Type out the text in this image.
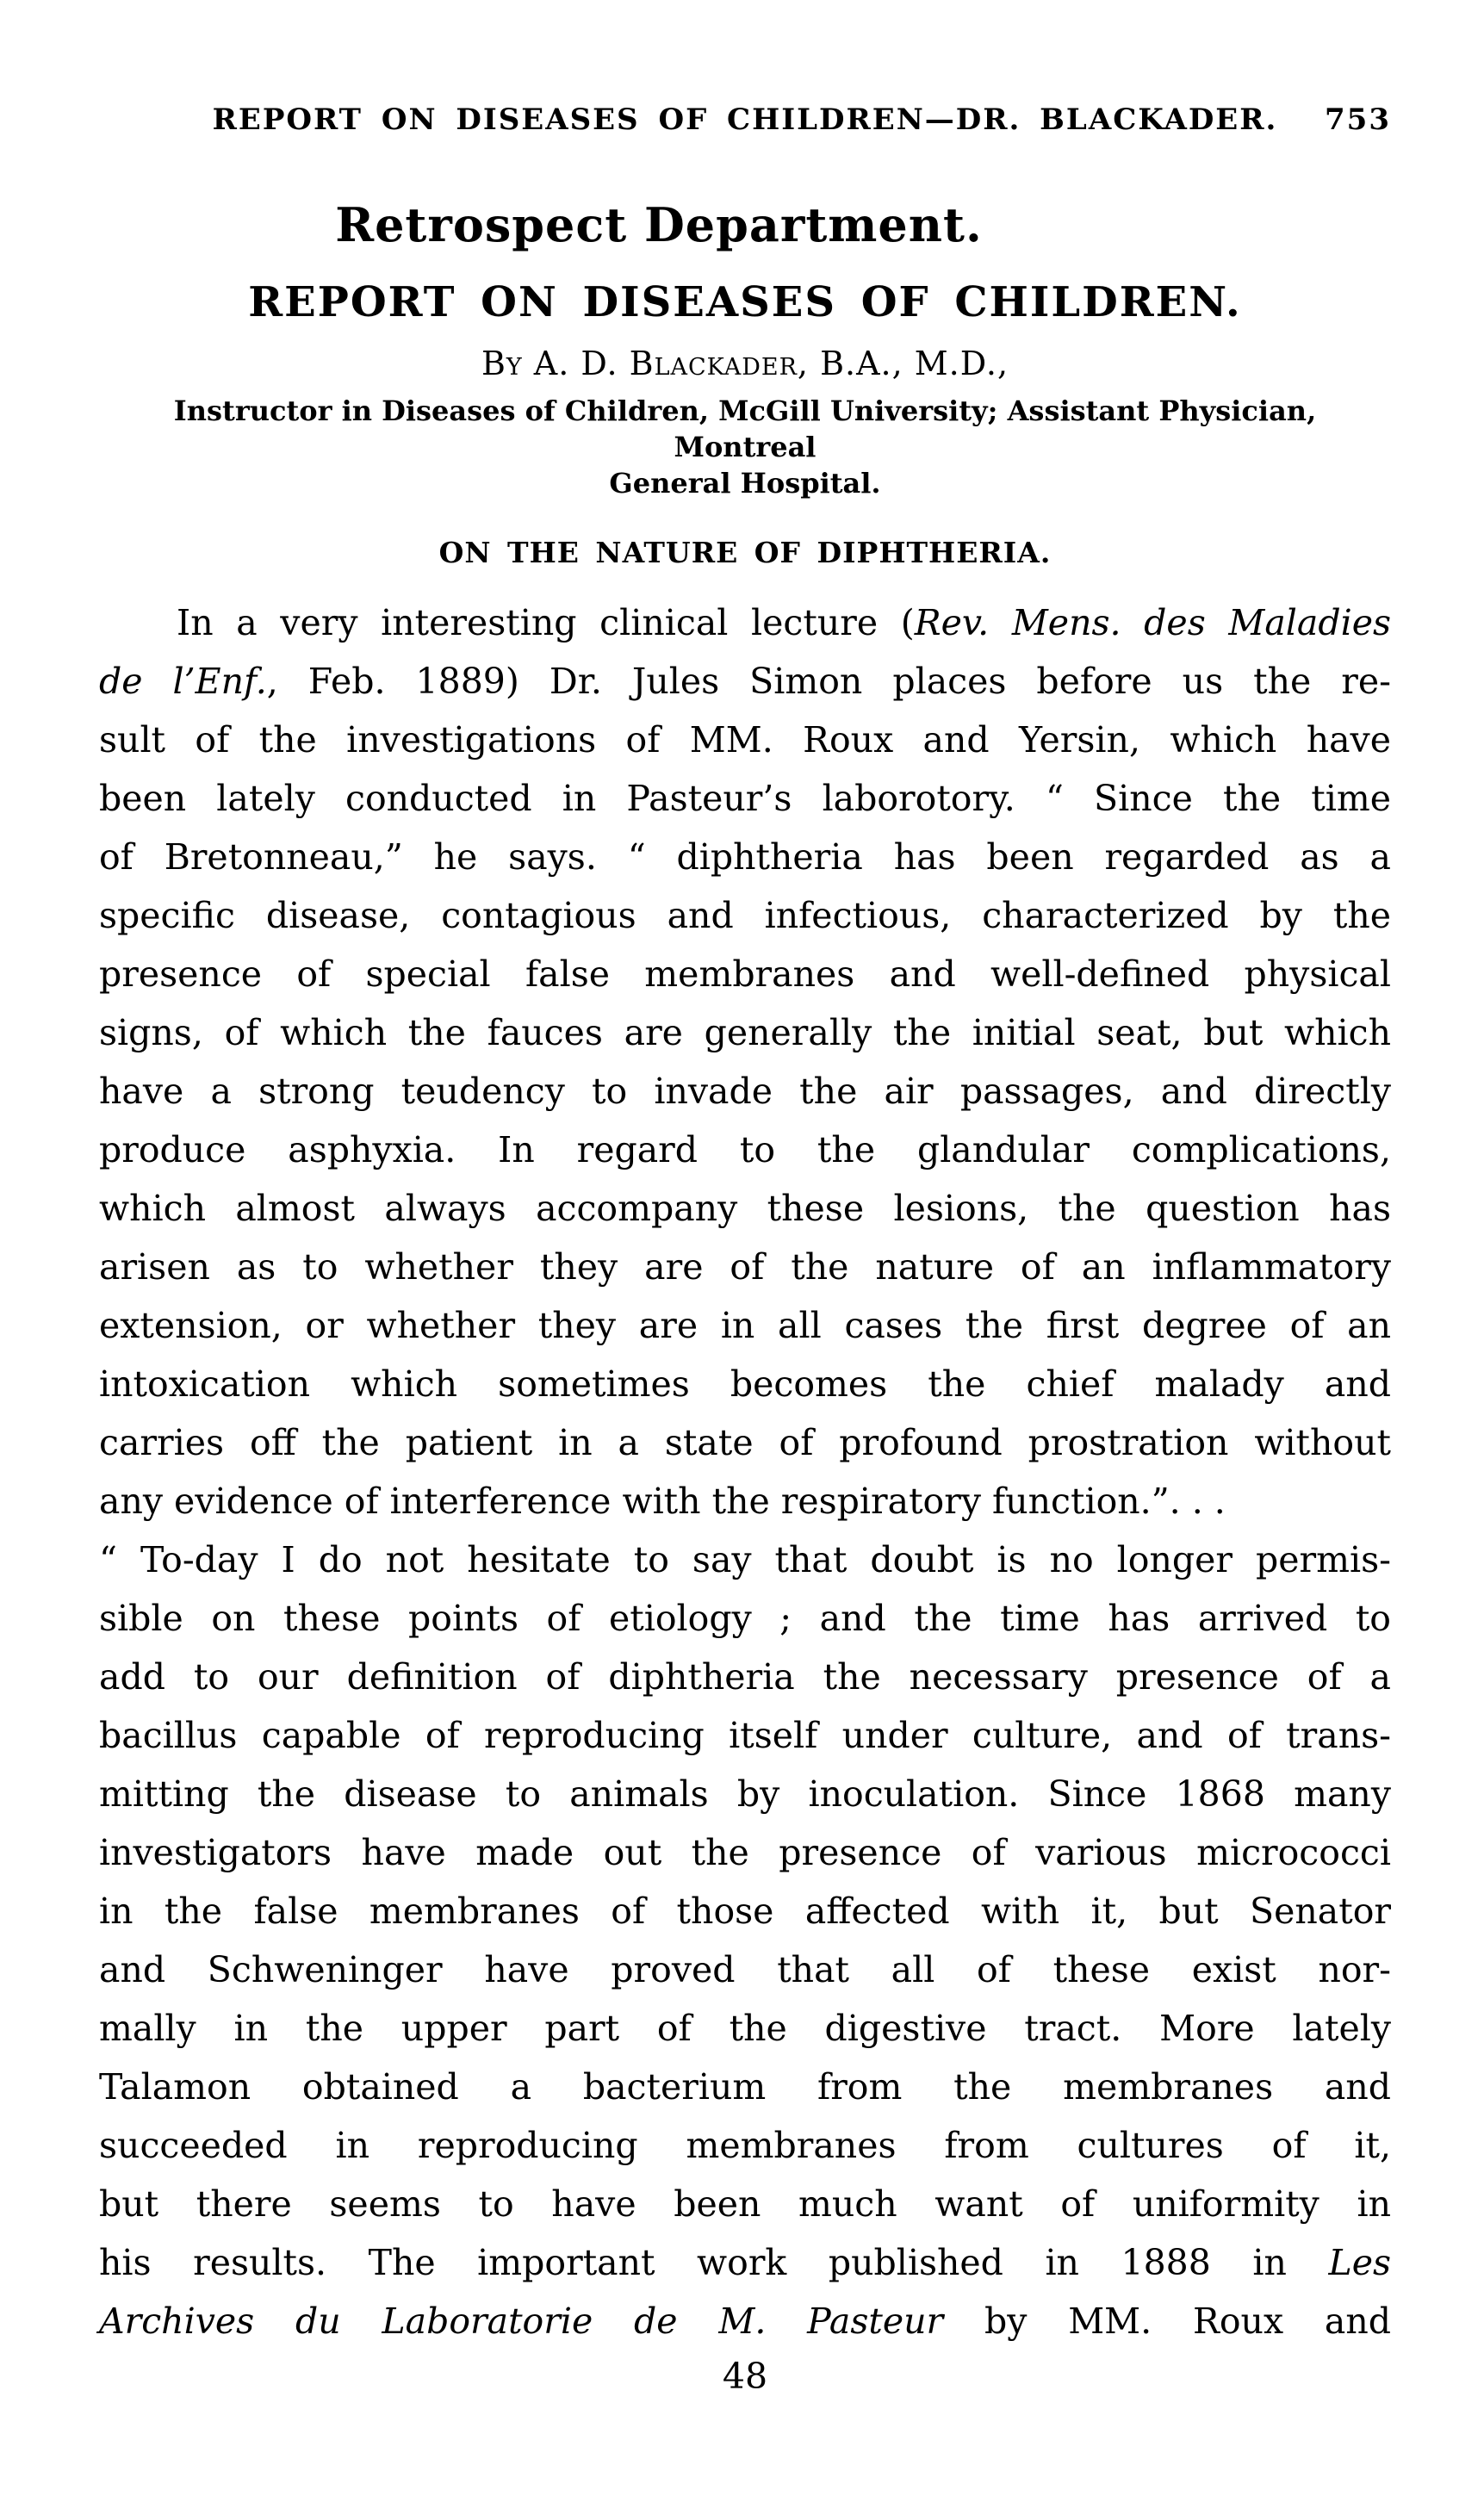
REPORT ON DISEASES OF CHILDREN—DR. BLACKADER. 753
Retrospect Department.
REPORT ON DISEASES OF CHILDREN.
By A. D. Blackader, B.A., M.D.,
Instructor in Diseases of Children, McGill University; Assistant Physician, Montreal
General Hospital.
ON THE NATURE OF DIPHTHERIA.
In a very interesting clinical lecture (Rev. Mens. des Maladies
de l’Enf., Feb. 1889) Dr. Jules Simon places before us the re-
sult of the investigations of MM. Roux and Yersin, which have
been lately conducted in Pasteur’s laborotory. “ Since the time
of Bretonneau,” he says. “ diphtheria has been regarded as a
specific disease, contagious and infectious, characterized by the
presence of special false membranes and well-defined physical
signs, of which the fauces are generally the initial seat, but which
have a strong teudency to invade the air passages, and directly
produce asphyxia. In regard to the glandular complications,
which almost always accompany these lesions, the question has
arisen as to whether they are of the nature of an inflammatory
extension, or whether they are in all cases the first degree of an
intoxication which sometimes becomes the chief malady and
carries off the patient in a state of profound prostration without
any evidence of interference with the respiratory function.”. . .
“ To-day I do not hesitate to say that doubt is no longer permis-
sible on these points of etiology ; and the time has arrived to
add to our definition of diphtheria the necessary presence of a
bacillus capable of reproducing itself under culture, and of trans-
mitting the disease to animals by inoculation. Since 1868 many
investigators have made out the presence of various micrococci
in the false membranes of those affected with it, but Senator
and Schweninger have proved that all of these exist nor-
mally in the upper part of the digestive tract. More lately
Talamon obtained a bacterium from the membranes and
succeeded in reproducing membranes from cultures of it,
but there seems to have been much want of uniformity in
his results. The important work published in 1888 in Les
Archives du Laboratorie de M. Pasteur by MM. Roux and
48
